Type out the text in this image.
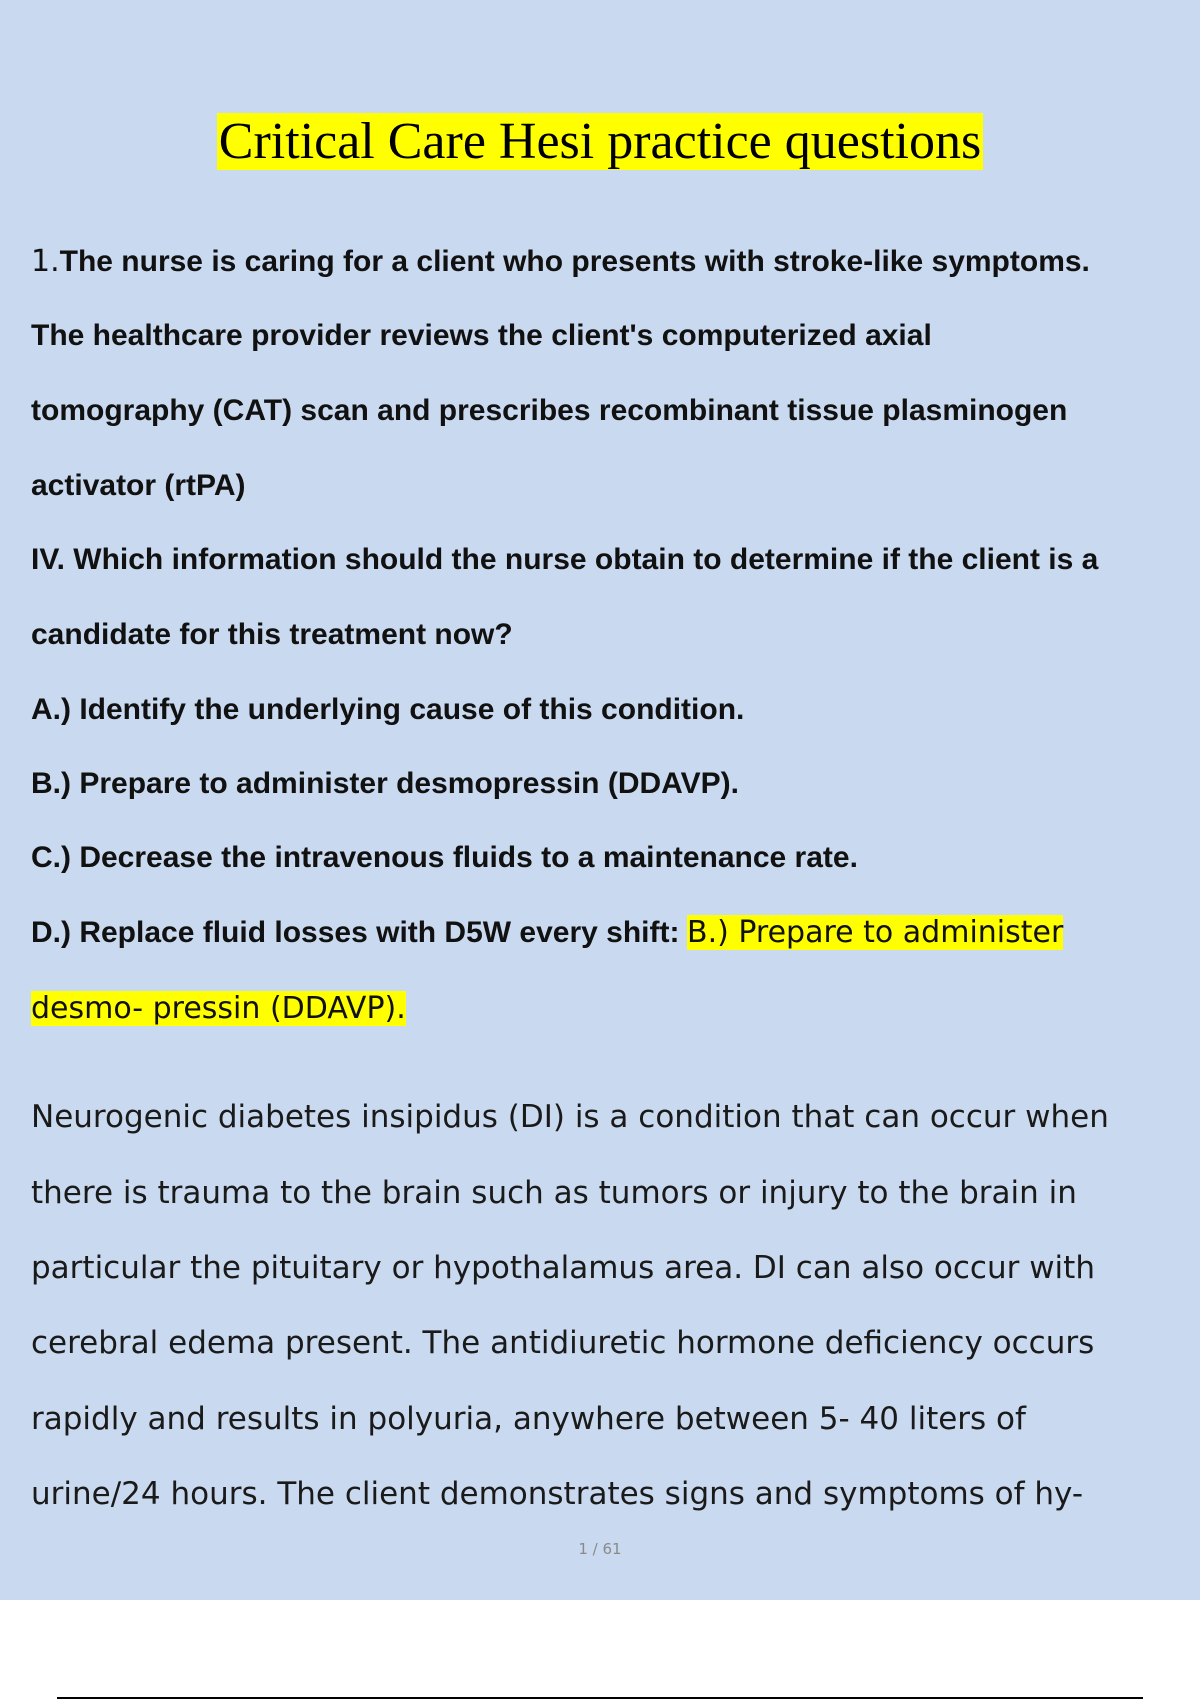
Critical Care Hesi practice questions
1.The nurse is caring for a client who presents with stroke-like symptoms.
The healthcare provider reviews the client's computerized axial
tomography (CAT) scan and prescribes recombinant tissue plasminogen
activator (rtPA)
IV. Which information should the nurse obtain to determine if the client is a
candidate for this treatment now?
A.) Identify the underlying cause of this condition.
B.) Prepare to administer desmopressin (DDAVP).
C.) Decrease the intravenous fluids to a maintenance rate.
D.) Replace fluid losses with D5W every shift: B.) Prepare to administer
desmo- pressin (DDAVP).
Neurogenic diabetes insipidus (DI) is a condition that can occur when
there is trauma to the brain such as tumors or injury to the brain in
particular the pituitary or hypothalamus area. DI can also occur with
cerebral edema present. The antidiuretic hormone deficiency occurs
rapidly and results in polyuria, anywhere between 5- 40 liters of
urine/24 hours. The client demonstrates signs and symptoms of hy-
1 / 61
